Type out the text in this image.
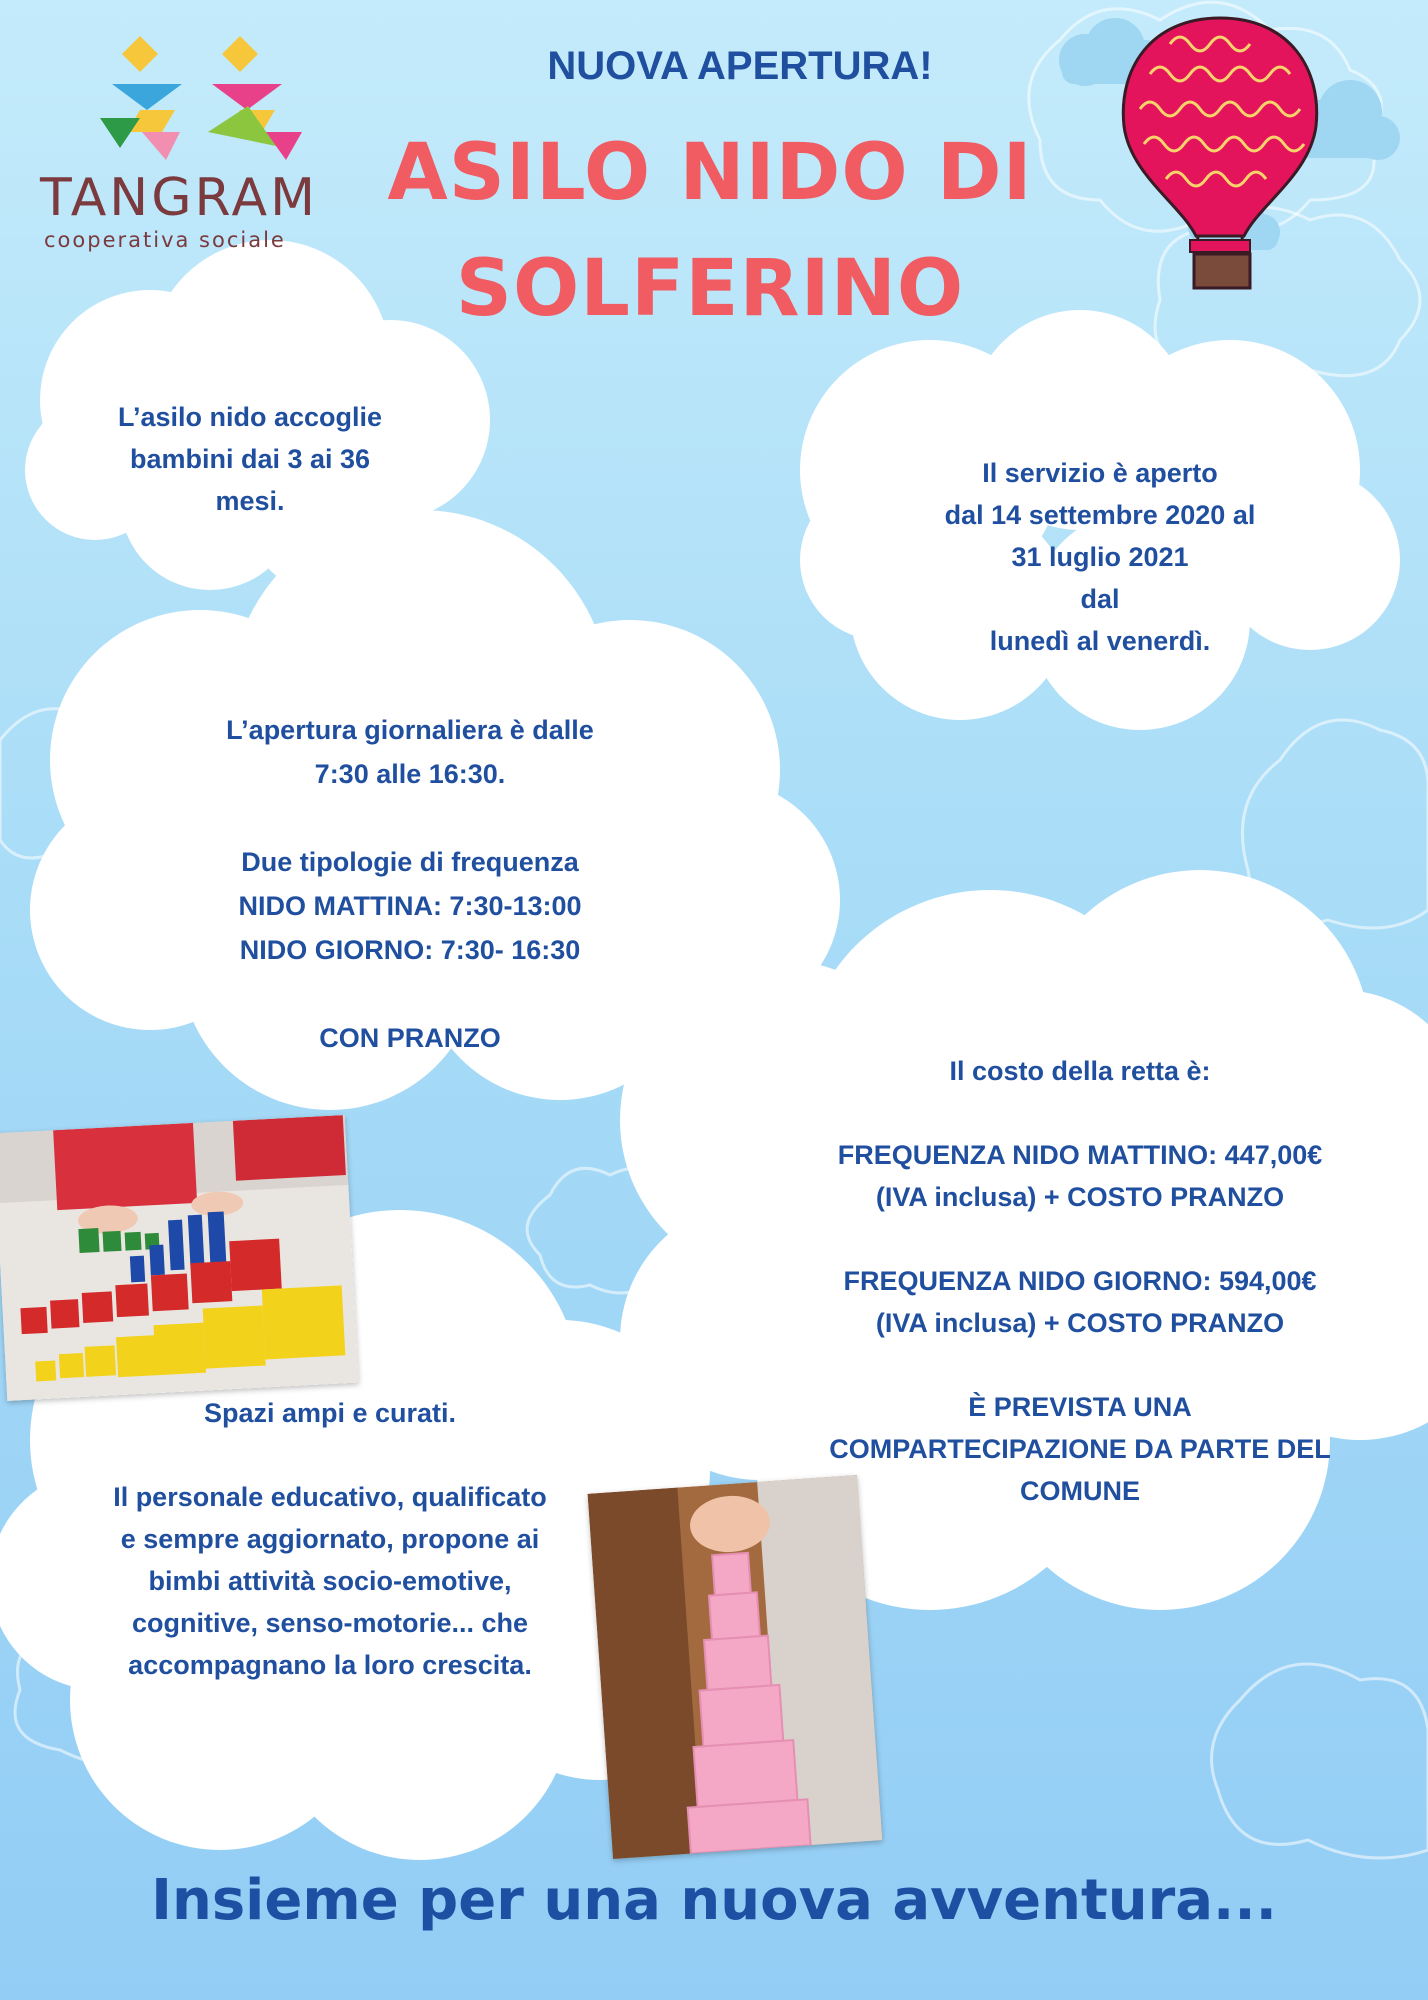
TANGRAM
cooperativa sociale
NUOVA APERTURA!
ASILO NIDO DI
SOLFERINO
L’asilo nido accoglie
bambini dai 3 ai 36
mesi.
Il servizio è aperto
dal 14 settembre 2020 al
31 luglio 2021
dal
lunedì al venerdì.
L’apertura giornaliera è dalle
7:30 alle 16:30.
Due tipologie di frequenza
NIDO MATTINA: 7:30-13:00
NIDO GIORNO: 7:30- 16:30
CON PRANZO
Il costo della retta è:
FREQUENZA NIDO MATTINO: 447,00€
(IVA inclusa) + COSTO PRANZO
FREQUENZA NIDO GIORNO: 594,00€
(IVA inclusa) + COSTO PRANZO
È PREVISTA UNA
COMPARTECIPAZIONE DA PARTE DEL
COMUNE
Spazi ampi e curati.
Il personale educativo, qualificato
e sempre aggiornato, propone ai
bimbi attività socio-emotive,
cognitive, senso-motorie... che
accompagnano la loro crescita.
Insieme per una nuova avventura...
